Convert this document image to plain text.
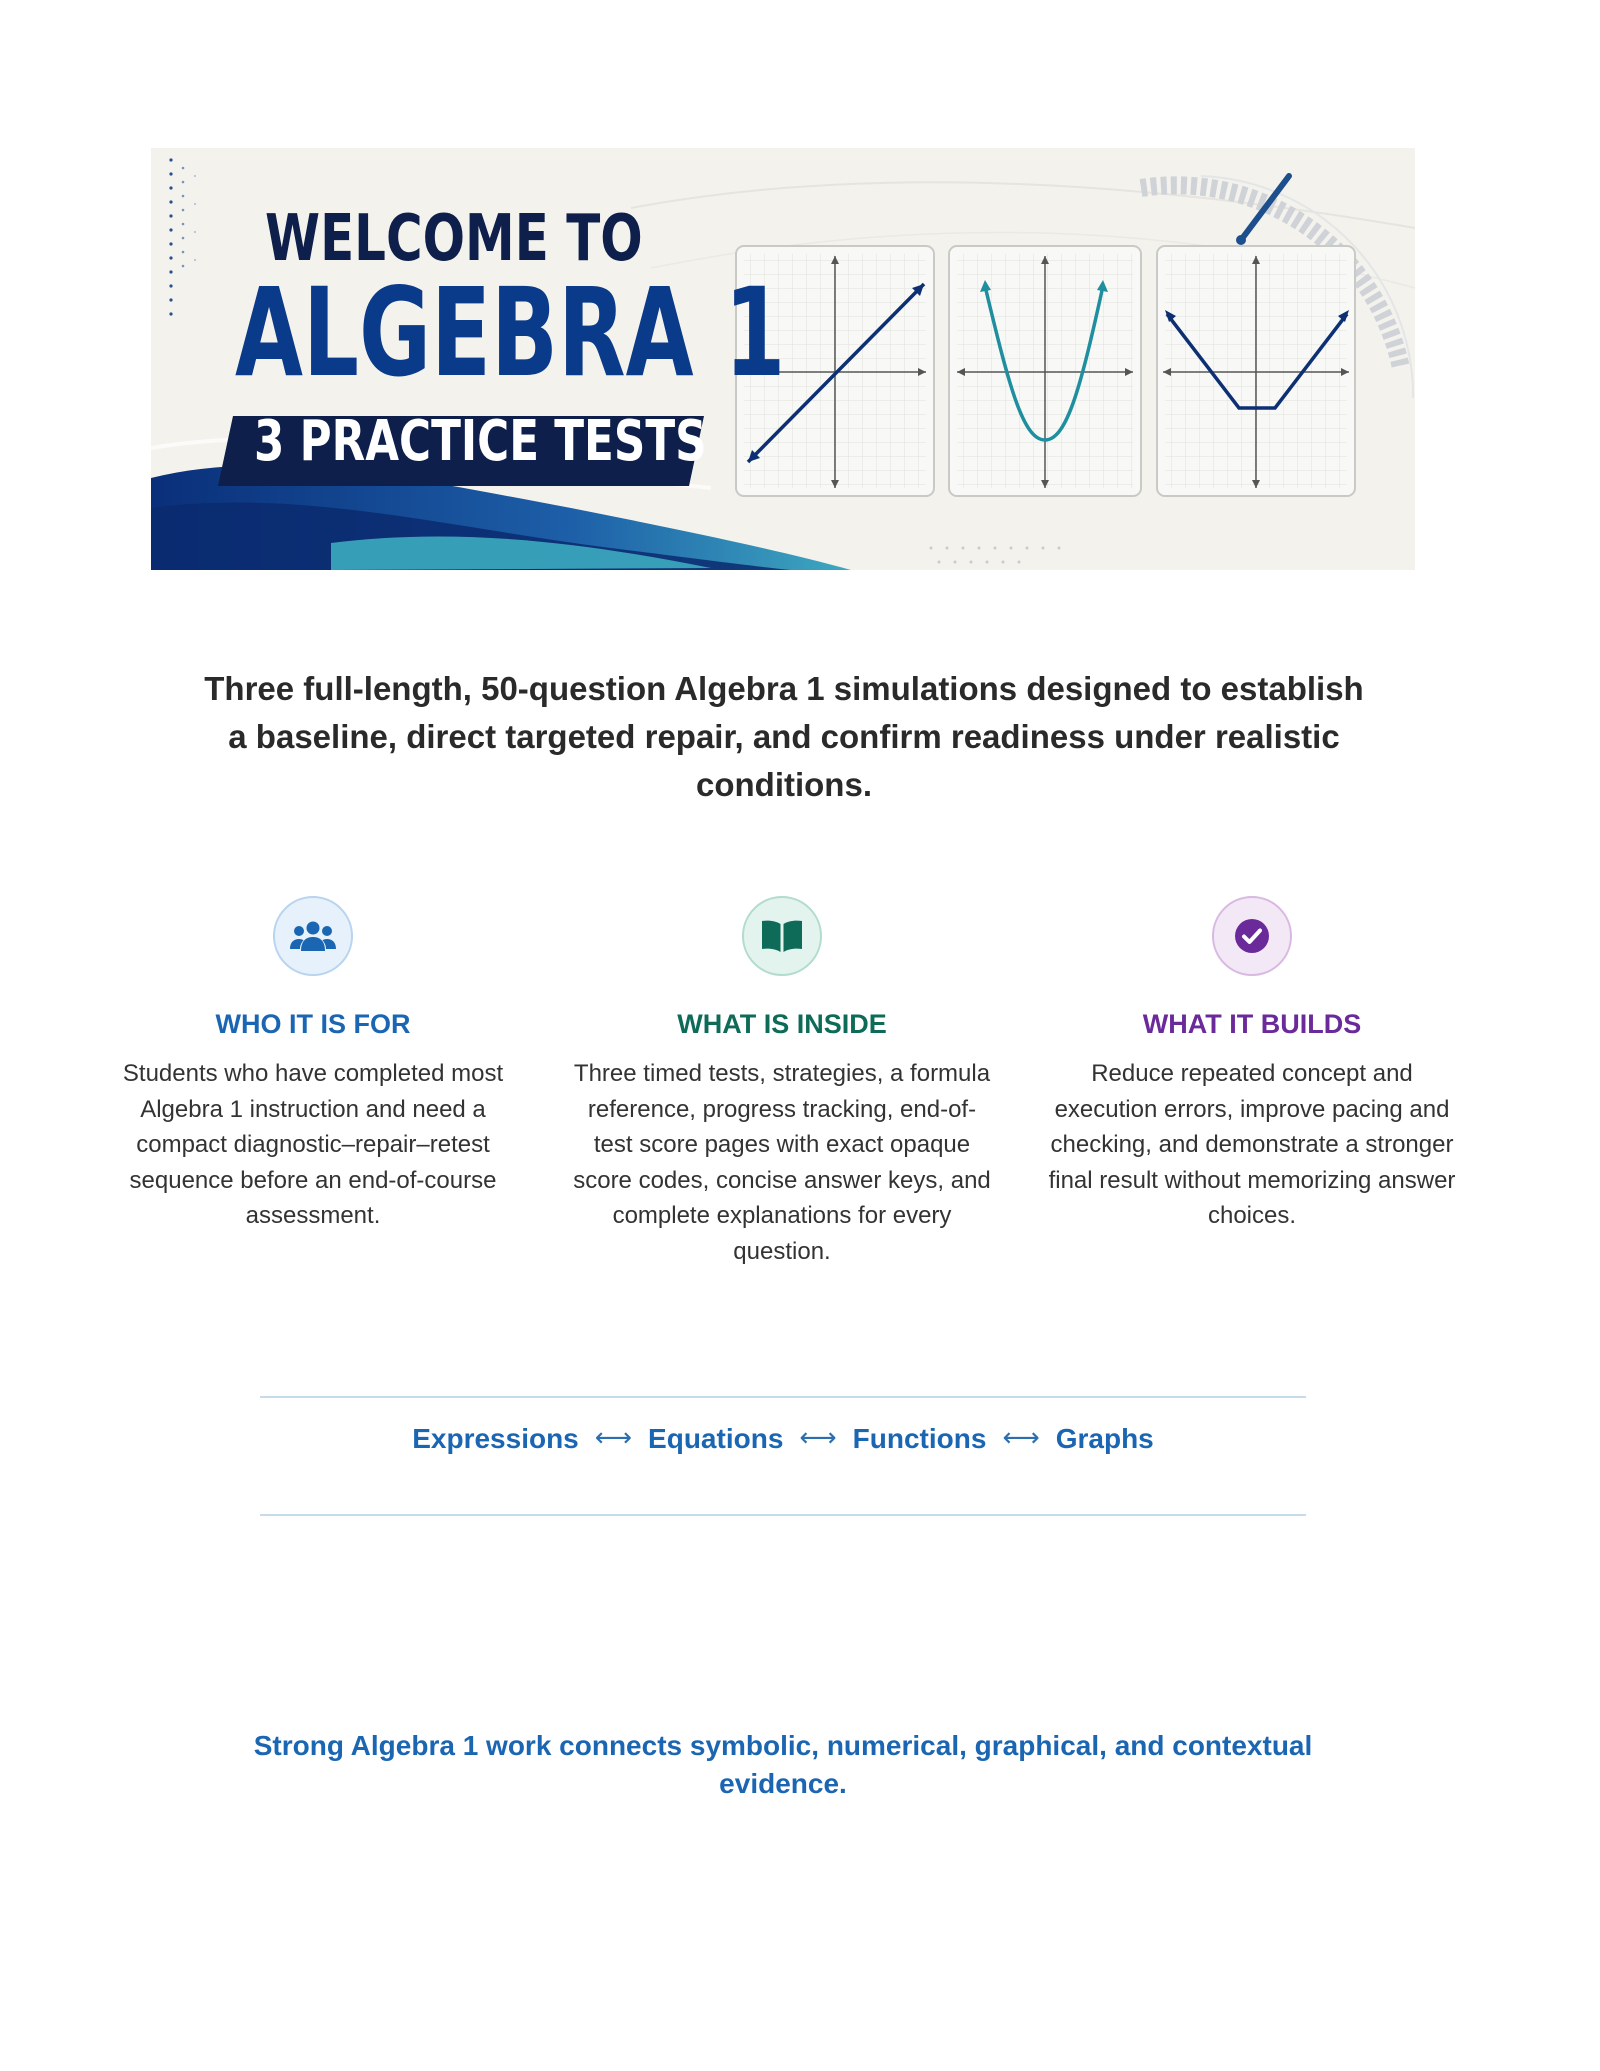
WELCOME TO
ALGEBRA 1
3 PRACTICE TESTS
Three full-length, 50-question Algebra 1 simulations designed to establish a baseline, direct targeted repair, and confirm readiness under realistic conditions.
WHO IT IS FOR

Students who have completed most Algebra 1 instruction and need a compact diagnostic–repair–retest sequence before an end-of-course assessment.

WHAT IS INSIDE

Three timed tests, strategies, a formula reference, progress tracking, end-of-test score pages with exact opaque score codes, concise answer keys, and complete explanations for every question.

WHAT IT BUILDS

Reduce repeated concept and execution errors, improve pacing and checking, and demonstrate a stronger final result without memorizing answer choices.

Expressions ⟷ Equations ⟷ Functions ⟷ Graphs
Strong Algebra 1 work connects symbolic, numerical, graphical, and contextual evidence.
